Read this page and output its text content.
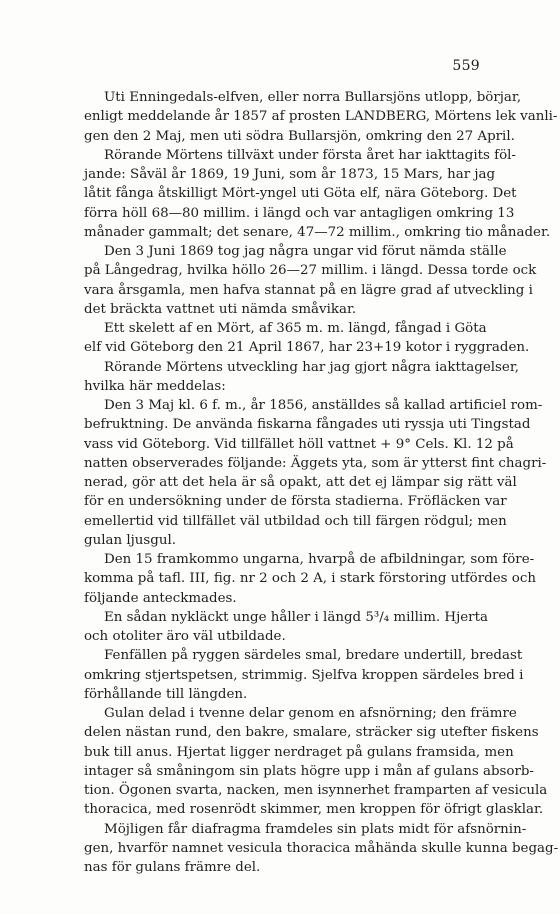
559
Uti Enningedals-elfven, eller norra Bullarsjöns utlopp, börjar,
enligt meddelande år 1857 af prosten LANDBERG, Mörtens lek vanli-
gen den 2 Maj, men uti södra Bullarsjön, omkring den 27 April.
Rörande Mörtens tillväxt under första året har iakttagits föl-
jande: Såväl år 1869, 19 Juni, som år 1873, 15 Mars, har jag
låtit fånga åtskilligt Mört-yngel uti Göta elf, nära Göteborg. Det
förra höll 68—80 millim. i längd och var antagligen omkring 13
månader gammalt; det senare, 47—72 millim., omkring tio månader.
Den 3 Juni 1869 tog jag några ungar vid förut nämda ställe
på Långedrag, hvilka höllo 26—27 millim. i längd. Dessa torde ock
vara årsgamla, men hafva stannat på en lägre grad af utveckling i
det bräckta vattnet uti nämda småvikar.
Ett skelett af en Mört, af 365 m. m. längd, fångad i Göta
elf vid Göteborg den 21 April 1867, har 23+19 kotor i ryggraden.
Rörande Mörtens utveckling har jag gjort några iakttagelser,
hvilka här meddelas:
Den 3 Maj kl. 6 f. m., år 1856, anställdes så kallad artificiel rom-
befruktning. De använda fiskarna fångades uti ryssja uti Tingstad
vass vid Göteborg. Vid tillfället höll vattnet + 9° Cels. Kl. 12 på
natten observerades följande: Äggets yta, som är ytterst fint chagri-
nerad, gör att det hela är så opakt, att det ej lämpar sig rätt väl
för en undersökning under de första stadierna. Fröfläcken var
emellertid vid tillfället väl utbildad och till färgen rödgul; men
gulan ljusgul.
Den 15 framkommo ungarna, hvarpå de afbildningar, som före-
komma på tafl. III, fig. nr 2 och 2 A, i stark förstoring utfördes och
följande anteckmades.
En sådan nykläckt unge håller i längd 5³/₄ millim. Hjerta
och otoliter äro väl utbildade.
Fenfällen på ryggen särdeles smal, bredare undertill, bredast
omkring stjertspetsen, strimmig. Sjelfva kroppen särdeles bred i
förhållande till längden.
Gulan delad i tvenne delar genom en afsnörning; den främre
delen nästan rund, den bakre, smalare, sträcker sig utefter fiskens
buk till anus. Hjertat ligger nerdraget på gulans framsida, men
intager så småningom sin plats högre upp i mån af gulans absorb-
tion. Ögonen svarta, nacken, men isynnerhet framparten af vesicula
thoracica, med rosenrödt skimmer, men kroppen för öfrigt glasklar.
Möjligen får diafragma framdeles sin plats midt för afsnörnin-
gen, hvarför namnet vesicula thoracica måhända skulle kunna begag-
nas för gulans främre del.
